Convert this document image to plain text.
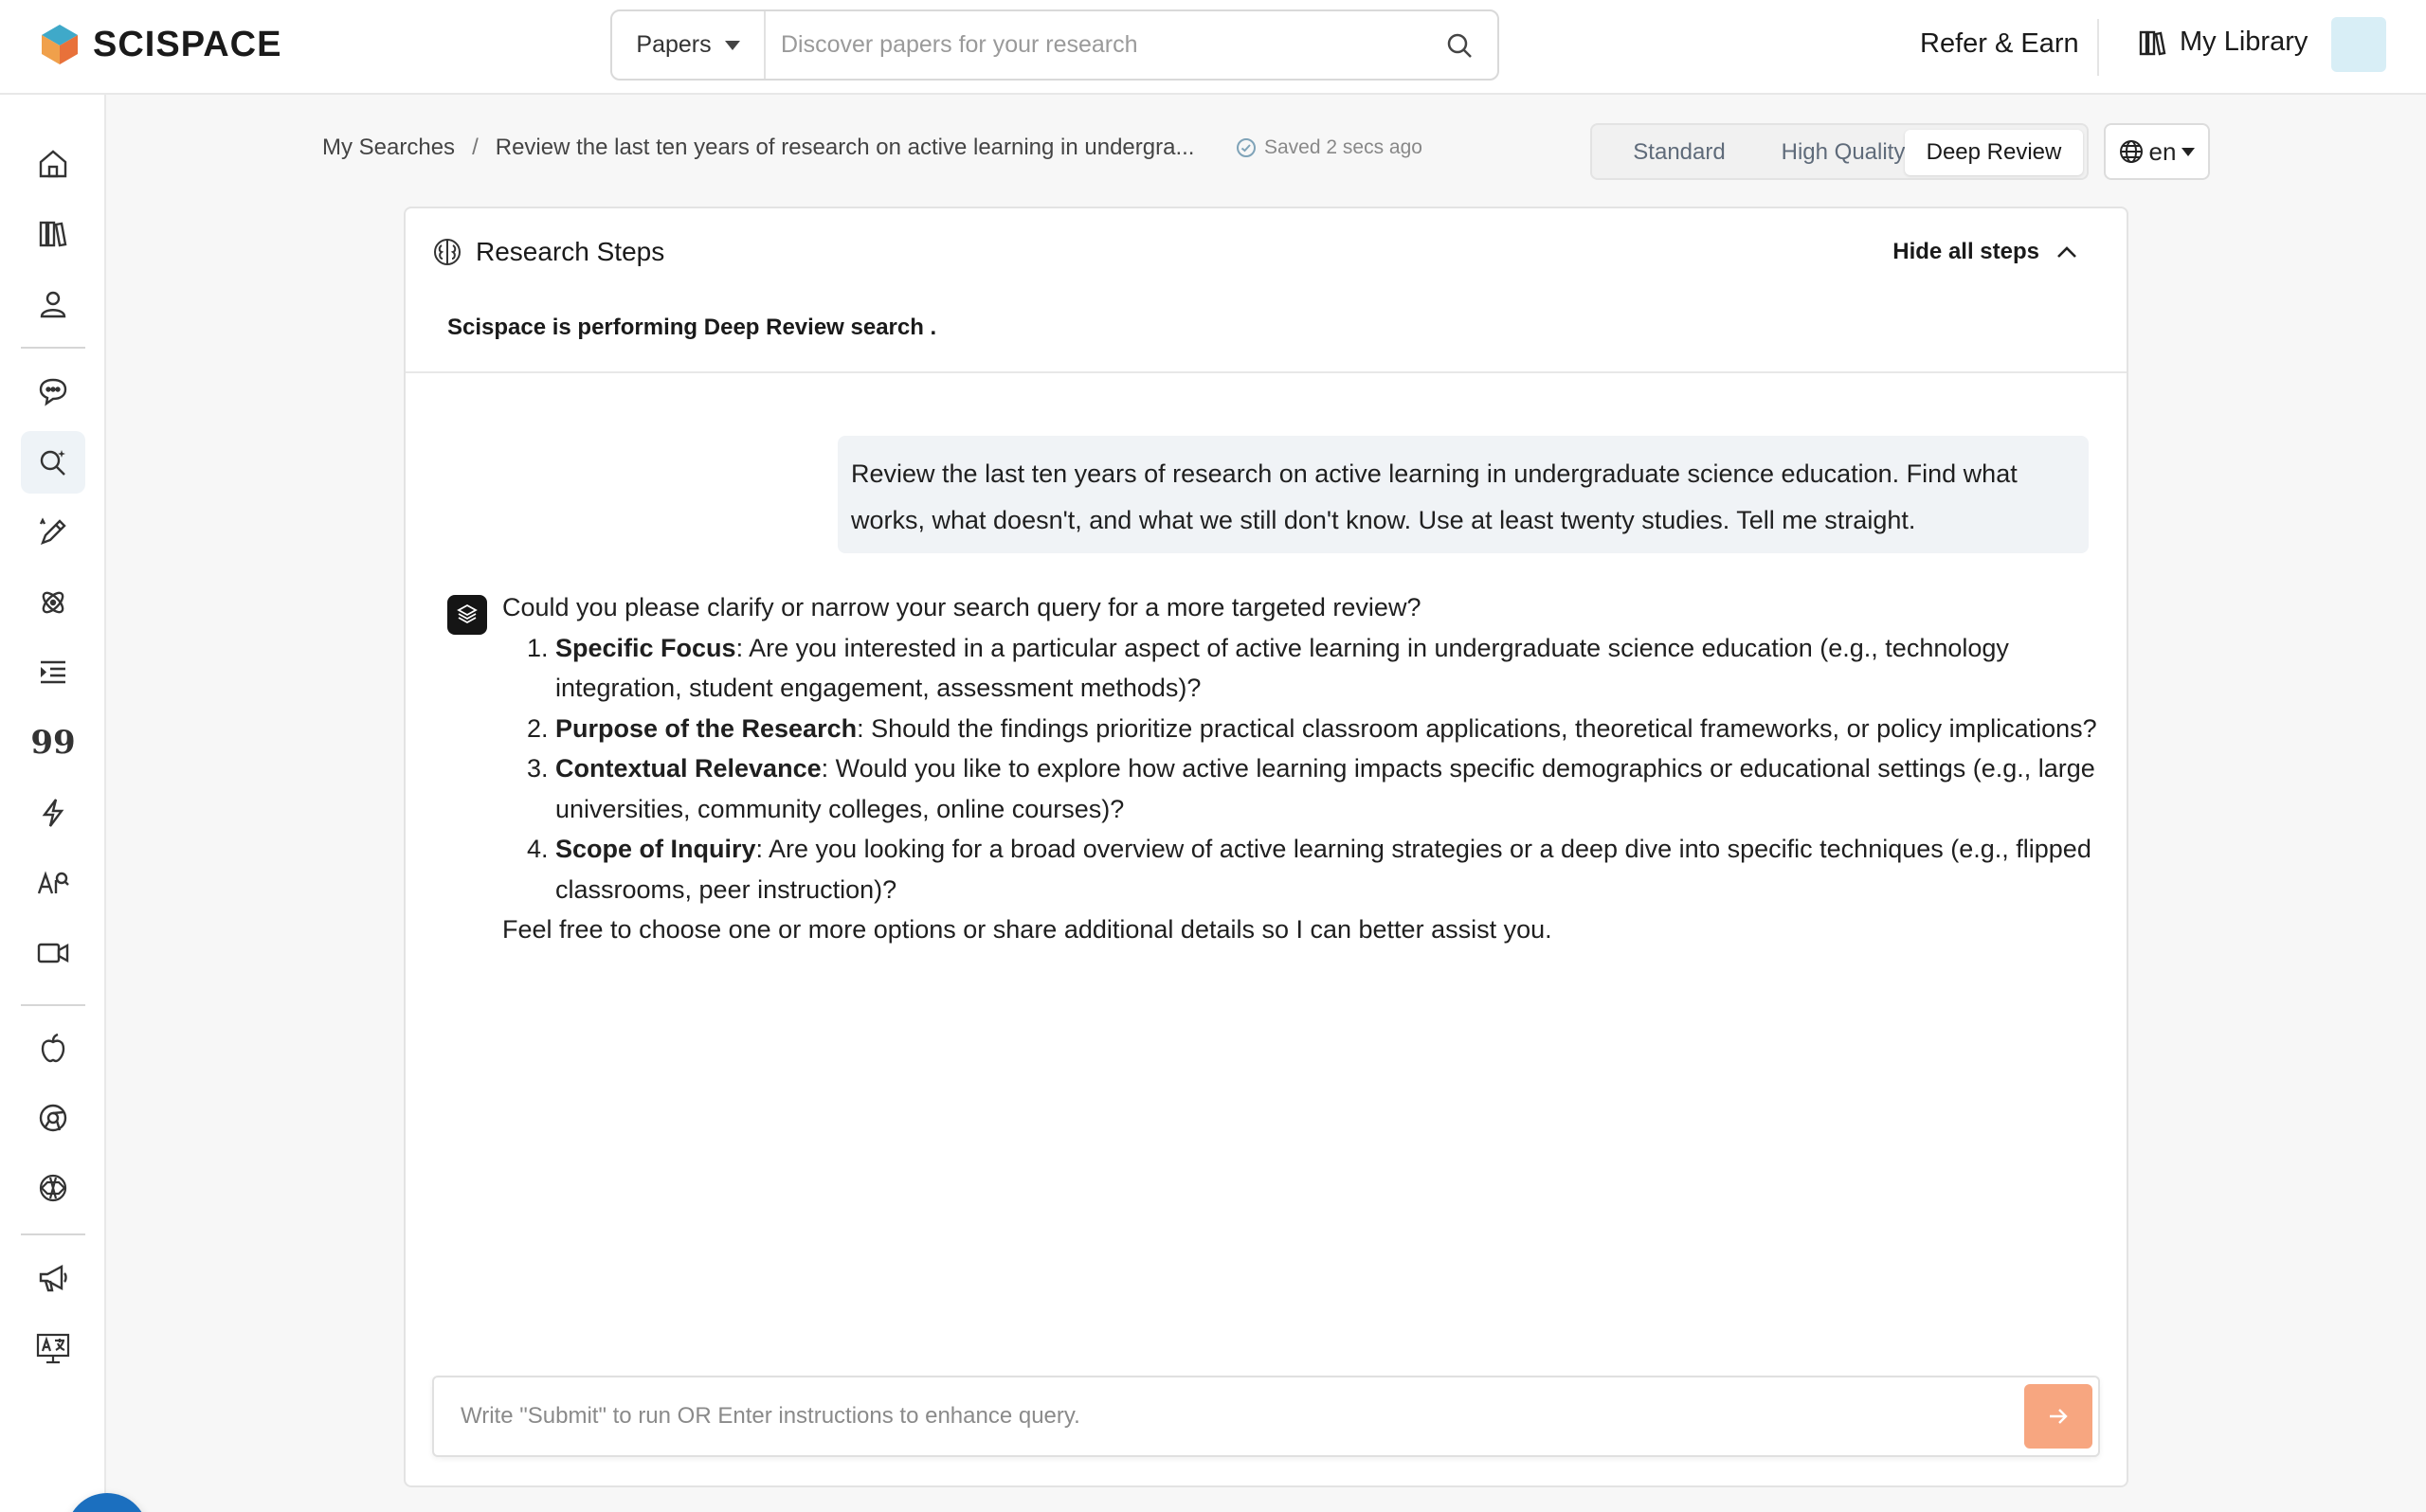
SCISPACE	Papers
Discover papers for your research	Refer & Earn	My Library
99
My Searches / Review the last ten years of research on active learning in undergra...	Saved 2 secs ago	Standard	High Quality Deep Review	en
Research Steps	Hide all steps
Scispace is performing Deep Review search .
Review the last ten years of research on active learning in undergraduate science education. Find what works, what doesn't, and what we still don't know. Use at least twenty studies. Tell me straight.
Could you please clarify or narrow your search query for a more targeted review?
1. Specific Focus: Are you interested in a particular aspect of active learning in undergraduate science education (e.g., technology integration, student engagement, assessment methods)?
2. Purpose of the Research: Should the findings prioritize practical classroom applications, theoretical frameworks, or policy implications?
3. Contextual Relevance: Would you like to explore how active learning impacts specific demographics or educational settings (e.g., large universities, community colleges, online courses)?
4. Scope of Inquiry: Are you looking for a broad overview of active learning strategies or a deep dive into specific techniques (e.g., flipped classrooms, peer instruction)?
Feel free to choose one or more options or share additional details so I can better assist you.
Write "Submit" to run OR Enter instructions to enhance query.
